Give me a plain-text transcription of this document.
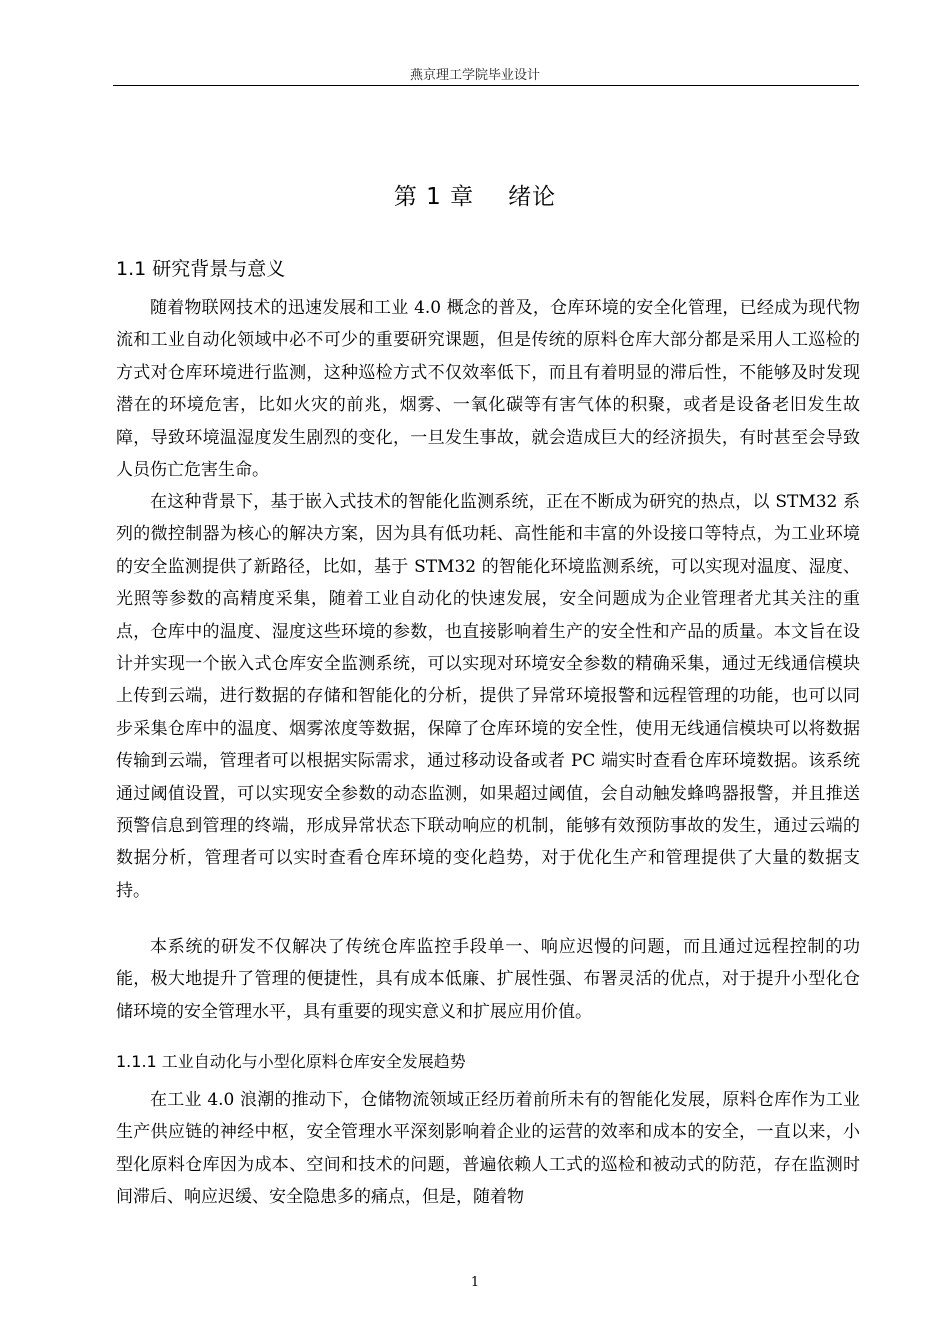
燕京理工学院毕业设计
第 1 章 绪论
1.1 研究背景与意义
随着物联网技术的迅速发展和工业 4.0 概念的普及，仓库环境的安全化管理，已经成为现代物流和工业自动化领域中必不可少的重要研究课题，但是传统的原料仓库大部分都是采用人工巡检的方式对仓库环境进行监测，这种巡检方式不仅效率低下，而且有着明显的滞后性，不能够及时发现潜在的环境危害，比如火灾的前兆，烟雾、一氧化碳等有害气体的积聚，或者是设备老旧发生故障，导致环境温湿度发生剧烈的变化，一旦发生事故，就会造成巨大的经济损失，有时甚至会导致人员伤亡危害生命。
在这种背景下，基于嵌入式技术的智能化监测系统，正在不断成为研究的热点，以 STM32 系列的微控制器为核心的解决方案，因为具有低功耗、高性能和丰富的外设接口等特点，为工业环境的安全监测提供了新路径，比如，基于 STM32 的智能化环境监测系统，可以实现对温度、湿度、光照等参数的高精度采集，随着工业自动化的快速发展，安全问题成为企业管理者尤其关注的重点，仓库中的温度、湿度这些环境的参数，也直接影响着生产的安全性和产品的质量。本文旨在设计并实现一个嵌入式仓库安全监测系统，可以实现对环境安全参数的精确采集，通过无线通信模块上传到云端，进行数据的存储和智能化的分析，提供了异常环境报警和远程管理的功能，也可以同步采集仓库中的温度、烟雾浓度等数据，保障了仓库环境的安全性，使用无线通信模块可以将数据传输到云端，管理者可以根据实际需求，通过移动设备或者 PC 端实时查看仓库环境数据。该系统通过阈值设置，可以实现安全参数的动态监测，如果超过阈值，会自动触发蜂鸣器报警，并且推送预警信息到管理的终端，形成异常状态下联动响应的机制，能够有效预防事故的发生，通过云端的数据分析，管理者可以实时查看仓库环境的变化趋势，对于优化生产和管理提供了大量的数据支持。
本系统的研发不仅解决了传统仓库监控手段单一、响应迟慢的问题，而且通过远程控制的功能，极大地提升了管理的便捷性，具有成本低廉、扩展性强、布署灵活的优点，对于提升小型化仓储环境的安全管理水平，具有重要的现实意义和扩展应用价值。
1.1.1 工业自动化与小型化原料仓库安全发展趋势
在工业 4.0 浪潮的推动下，仓储物流领域正经历着前所未有的智能化发展，原料仓库作为工业生产供应链的神经中枢，安全管理水平深刻影响着企业的运营的效率和成本的安全，一直以来，小型化原料仓库因为成本、空间和技术的问题，普遍依赖人工式的巡检和被动式的防范，存在监测时间滞后、响应迟缓、安全隐患多的痛点，但是，随着物
1
